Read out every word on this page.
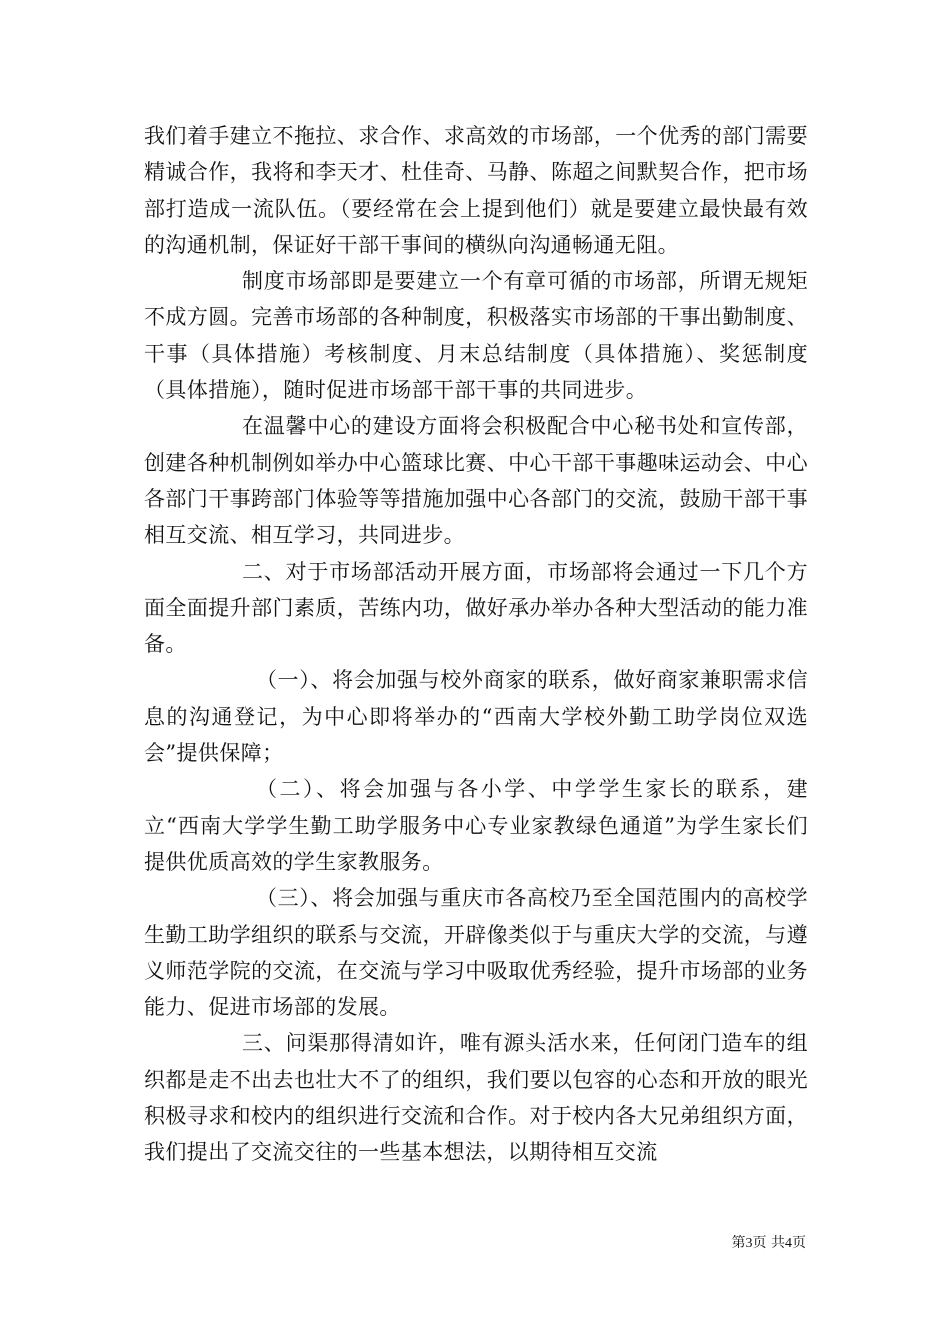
我们着手建立不拖拉、求合作、求高效的市场部，一个优秀的部门需要精诚合作，我将和李天才、杜佳奇、马静、陈超之间默契合作，把市场部打造成一流队伍。（要经常在会上提到他们）就是要建立最快最有效的沟通机制，保证好干部干事间的横纵向沟通畅通无阻。

制度市场部即是要建立一个有章可循的市场部，所谓无规矩不成方圆。完善市场部的各种制度，积极落实市场部的干事出勤制度、干事（具体措施）考核制度、月末总结制度（具体措施）、奖惩制度（具体措施），随时促进市场部干部干事的共同进步。

在温馨中心的建设方面将会积极配合中心秘书处和宣传部，创建各种机制例如举办中心篮球比赛、中心干部干事趣味运动会、中心各部门干事跨部门体验等等措施加强中心各部门的交流，鼓励干部干事相互交流、相互学习，共同进步。

二、对于市场部活动开展方面，市场部将会通过一下几个方面全面提升部门素质，苦练内功，做好承办举办各种大型活动的能力准备。

（一）、将会加强与校外商家的联系，做好商家兼职需求信息的沟通登记，为中心即将举办的“西南大学校外勤工助学岗位双选会”提供保障；

（二）、将会加强与各小学、中学学生家长的联系，建立“西南大学学生勤工助学服务中心专业家教绿色通道”为学生家长们提供优质高效的学生家教服务。

（三）、将会加强与重庆市各高校乃至全国范围内的高校学生勤工助学组织的联系与交流，开辟像类似于与重庆大学的交流，与遵义师范学院的交流，在交流与学习中吸取优秀经验，提升市场部的业务能力、促进市场部的发展。

三、问渠那得清如许，唯有源头活水来，任何闭门造车的组织都是走不出去也壮大不了的组织，我们要以包容的心态和开放的眼光积极寻求和校内的组织进行交流和合作。对于校内各大兄弟组织方面，我们提出了交流交往的一些基本想法，以期待相互交流

第3页 共4页
